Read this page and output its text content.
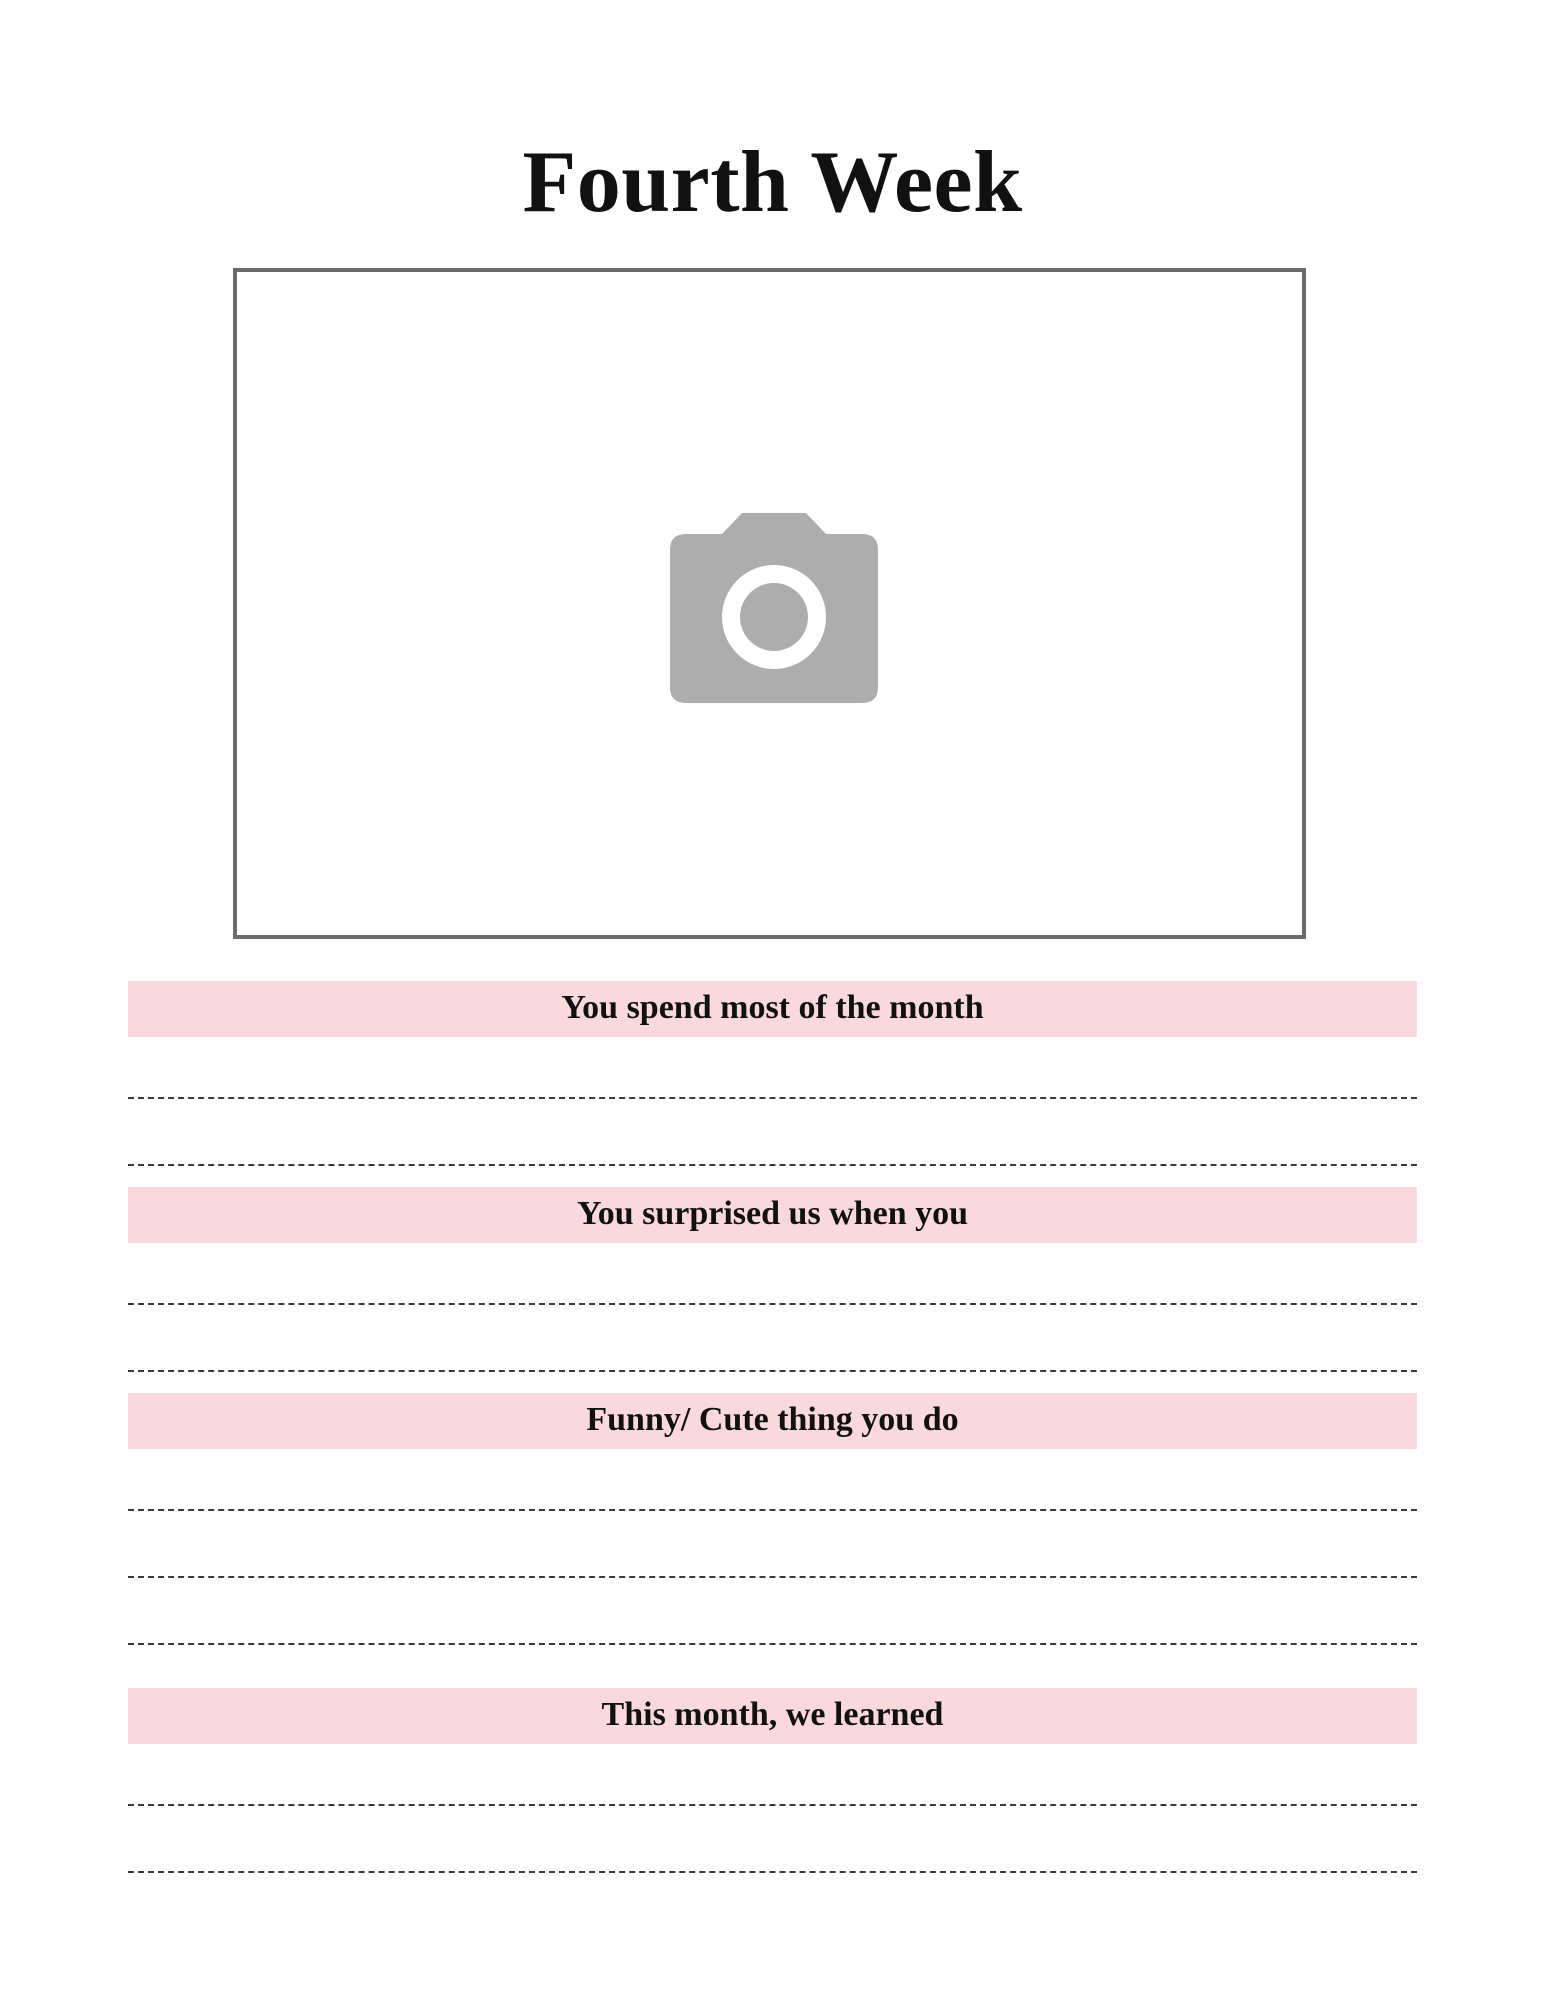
Fourth Week
You spend most of the month
You surprised us when you
Funny/ Cute thing you do
This month, we learned
